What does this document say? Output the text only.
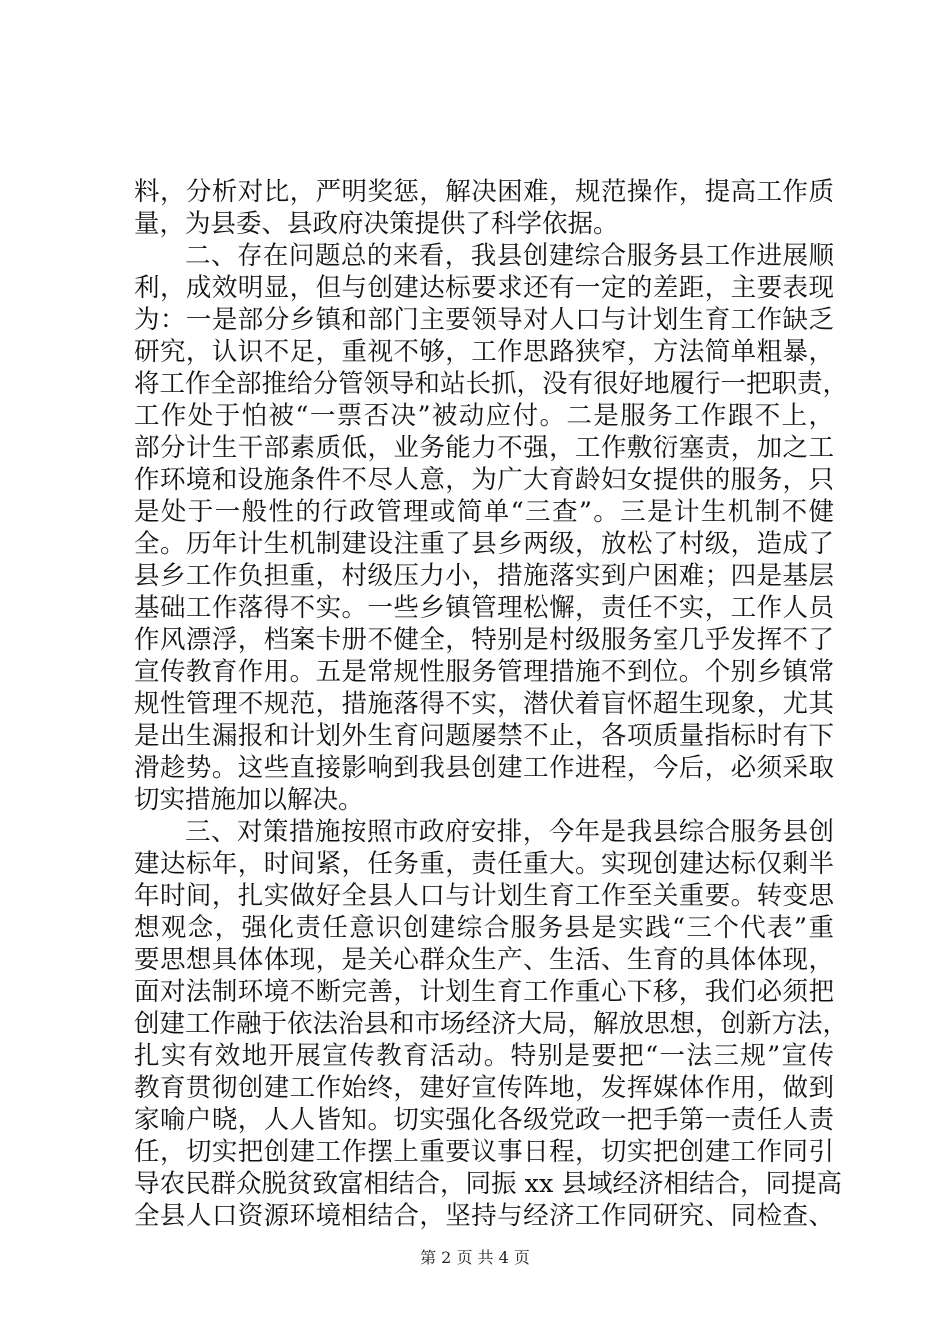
料，分析对比，严明奖惩，解决困难，规范操作，提高工作质
量，为县委、县政府决策提供了科学依据。

二、存在问题总的来看，我县创建综合服务县工作进展顺
利，成效明显，但与创建达标要求还有一定的差距，主要表现
为：一是部分乡镇和部门主要领导对人口与计划生育工作缺乏
研究，认识不足，重视不够，工作思路狭窄，方法简单粗暴，
将工作全部推给分管领导和站长抓，没有很好地履行一把职责，
工作处于怕被“一票否决”被动应付。二是服务工作跟不上，
部分计生干部素质低，业务能力不强，工作敷衍塞责，加之工
作环境和设施条件不尽人意，为广大育龄妇女提供的服务，只
是处于一般性的行政管理或简单“三查”。三是计生机制不健
全。历年计生机制建设注重了县乡两级，放松了村级，造成了
县乡工作负担重，村级压力小，措施落实到户困难；四是基层
基础工作落得不实。一些乡镇管理松懈，责任不实，工作人员
作风漂浮，档案卡册不健全，特别是村级服务室几乎发挥不了
宣传教育作用。五是常规性服务管理措施不到位。个别乡镇常
规性管理不规范，措施落得不实，潜伏着盲怀超生现象，尤其
是出生漏报和计划外生育问题屡禁不止，各项质量指标时有下
滑趁势。这些直接影响到我县创建工作进程，今后，必须采取
切实措施加以解决。

三、对策措施按照市政府安排，今年是我县综合服务县创
建达标年，时间紧，任务重，责任重大。实现创建达标仅剩半
年时间，扎实做好全县人口与计划生育工作至关重要。转变思
想观念，强化责任意识创建综合服务县是实践“三个代表”重
要思想具体体现，是关心群众生产、生活、生育的具体体现，
面对法制环境不断完善，计划生育工作重心下移，我们必须把
创建工作融于依法治县和市场经济大局，解放思想，创新方法，
扎实有效地开展宣传教育活动。特别是要把“一法三规”宣传
教育贯彻创建工作始终，建好宣传阵地，发挥媒体作用，做到
家喻户晓，人人皆知。切实强化各级党政一把手第一责任人责
任，切实把创建工作摆上重要议事日程，切实把创建工作同引
导农民群众脱贫致富相结合，同振 xx 县域经济相结合，同提高
全县人口资源环境相结合，坚持与经济工作同研究、同检查、

第 2 页 共 4 页
